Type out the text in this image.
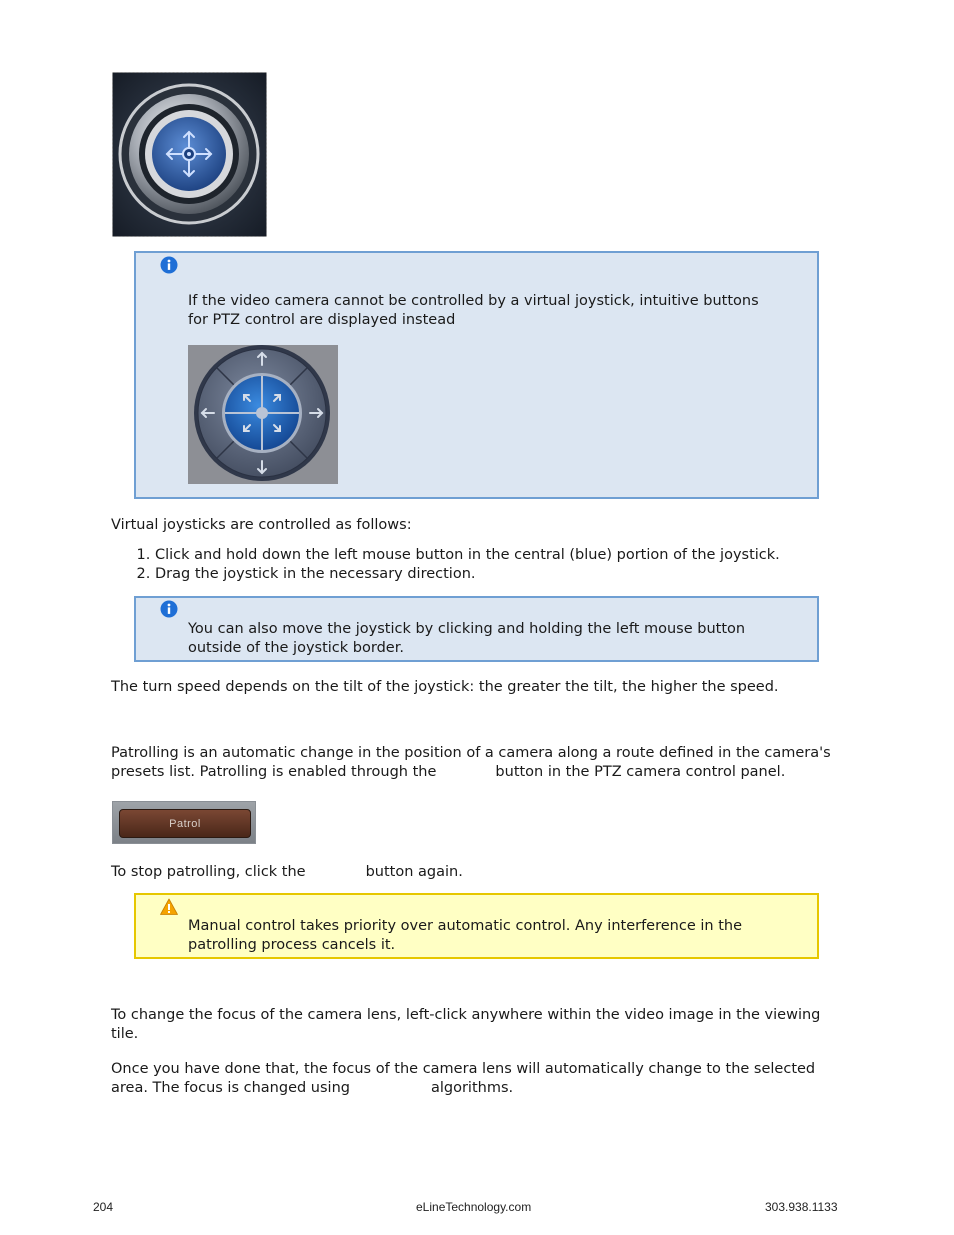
If the video camera cannot be controlled by a virtual joystick, intuitive buttons
for PTZ control are displayed instead
Virtual joysticks are controlled as follows:
1. Click and hold down the left mouse button in the central (blue) portion of the joystick.
2. Drag the joystick in the necessary direction.
You can also move the joystick by clicking and holding the left mouse button
outside of the joystick border.
The turn speed depends on the tilt of the joystick: the greater the tilt, the higher the speed.
Patrolling is an automatic change in the position of a camera along a route defined in the camera's
presets list. Patrolling is enabled through the	button in the PTZ camera control panel.
Patrol
To stop patrolling, click the	button again.
Manual control takes priority over automatic control. Any interference in the
patrolling process cancels it.
To change the focus of the camera lens, left-click anywhere within the video image in the viewing
tile.
Once you have done that, the focus of the camera lens will automatically change to the selected
area. The focus is changed using	algorithms.
204	eLineTechnology.com	303.938.1133
